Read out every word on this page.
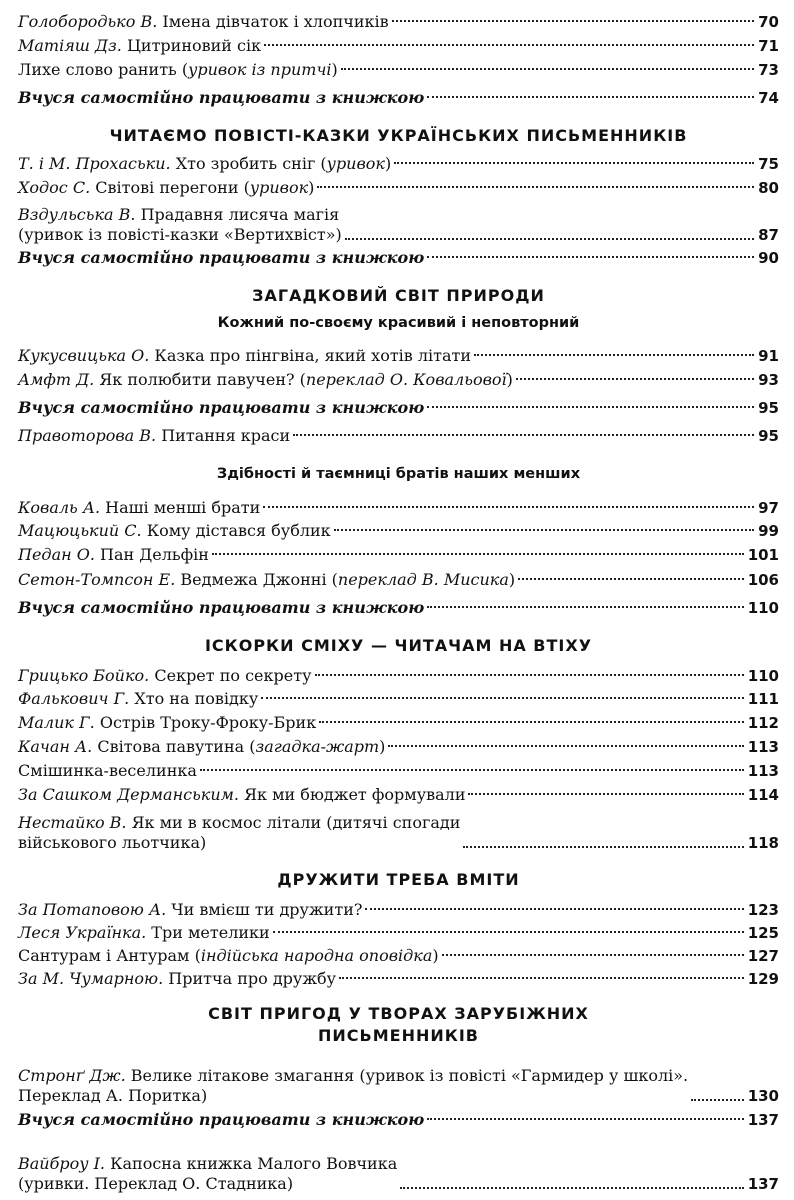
Голобородько В. Імена дівчаток і хлопчиків	70
Матіяш Дз. Цитриновий сік	71
Лихе слово ранить (уривок із притчі)	73
Вчуся самостійно працювати з книжкою	74
ЧИТАЄМО ПОВІСТІ-КАЗКИ УКРАЇНСЬКИХ ПИСЬМЕННИКІВ
Т. і М. Прохаськи. Хто зробить сніг (уривок)	75
Ходос С. Світові перегони (уривок)	80
Вздульська В. Прадавня лисяча магія
(уривок із повісті-казки «Вертихвіст»)	87
Вчуся самостійно працювати з книжкою	90
ЗАГАДКОВИЙ СВІТ ПРИРОДИ
Кожний по-своєму красивий і неповторний
Кукусвицька О. Казка про пінгвіна, який хотів літати	91
Амфт Д. Як полюбити павучен? (переклад О. Ковальової)	93
Вчуся самостійно працювати з книжкою	95
Правоторова В. Питання краси	95
Здібності й таємниці братів наших менших
Коваль А. Наші менші брати	97
Мацюцький С. Кому дістався бублик	99
Педан О. Пан Дельфін	101
Сетон-Томпсон Е. Ведмежа Джонні (переклад В. Мисика)	106
Вчуся самостійно працювати з книжкою	110
ІСКОРКИ СМІХУ — ЧИТАЧАМ НА ВТІХУ
Грицько Бойко. Секрет по секрету	110
Фалькович Г. Хто на повідку	111
Малик Г. Острів Троку-Фроку-Брик	112
Качан А. Світова павутина (загадка-жарт)	113
Смішинка-веселинка	113
За Сашком Дерманським. Як ми бюджет формували	114
Нестайко В. Як ми в космос літали (дитячі спогади
військового льотчика)	118
ДРУЖИТИ ТРЕБА ВМІТИ
За Потаповою А. Чи вмієш ти дружити?	123
Леся Українка. Три метелики	125
Сантурам і Антурам (індійська народна оповідка)	127
За М. Чумарною. Притча про дружбу	129
СВІТ ПРИГОД У ТВОРАХ ЗАРУБІЖНИХ
ПИСЬМЕННИКІВ
Стронґ Дж. Велике літакове змагання (уривок із повісті «Гармидер у школі».
Переклад А. Поритка)	130
Вчуся самостійно працювати з книжкою	137
Вайброу І. Капосна книжка Малого Вовчика
(уривки. Переклад О. Стадника)	137
